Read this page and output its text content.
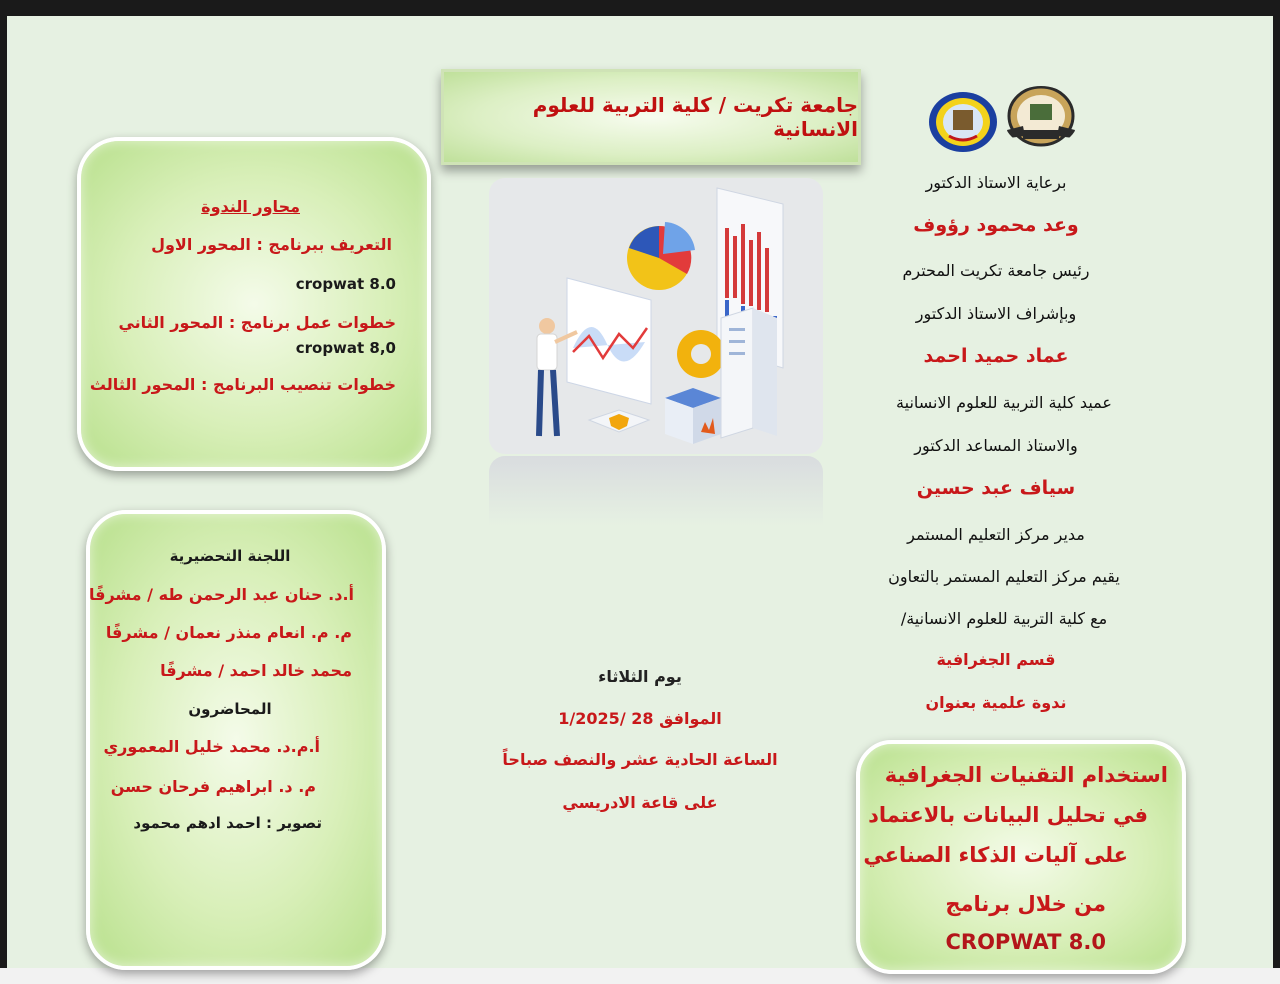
جامعة تكريت / كلية التربية للعلوم الانسانية
برعاية الاستاذ الدكتور
وعد محمود رؤوف
رئيس جامعة تكريت المحترم
وبإشراف الاستاذ الدكتور
عماد حميد احمد
عميد كلية التربية للعلوم الانسانية
والاستاذ المساعد الدكتور
سياف عبد حسين
مدير مركز التعليم المستمر
يقيم مركز التعليم المستمر بالتعاون
مع كلية التربية للعلوم الانسانية/
قسم الجغرافية
ندوة علمية بعنوان
استخدام التقنيات الجغرافية
في تحليل البيانات بالاعتماد
على آليات الذكاء الصناعي
من خلال برنامج
CROPWAT 8.0
محاور الندوة
التعريف ببرنامج : المحور الاول
cropwat 8.0
خطوات عمل برنامج : المحور الثاني
cropwat 8,0
خطوات تنصيب البرنامج : المحور الثالث
اللجنة التحضيرية
أ.د. حنان عبد الرحمن طه / مشرفًا
م. م. انعام منذر نعمان / مشرفًا
محمد خالد احمد / مشرفًا
المحاضرون
أ.م.د. محمد خليل المعموري
م. د. ابراهيم فرحان حسن
تصوير : احمد ادهم محمود
يوم الثلاثاء
الموافق 28 /1/2025
الساعة الحادية عشر والنصف صباحاً
على قاعة الادريسي
